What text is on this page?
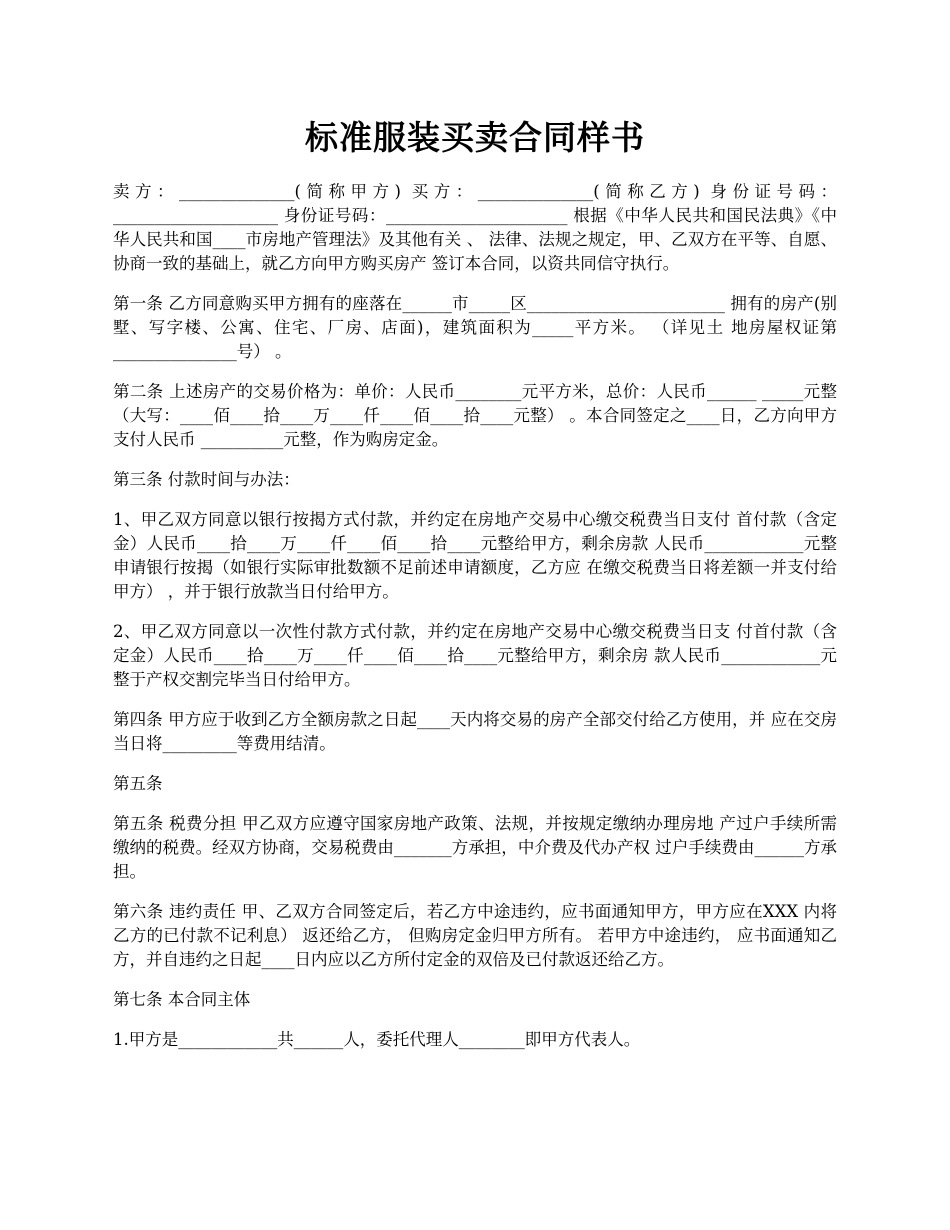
标准服装买卖合同样书

卖方：______________(简称甲方) 买方：______________(简称乙方) 身份证号码：____________________ 身份证号码：______________________ 根据《中华人民共和国民法典》《中华人民共和国____市房地产管理法》及其他有关 、 法律、法规之规定，甲、乙双方在平等、自愿、协商一致的基础上，就乙方向甲方购买房产 签订本合同，以资共同信守执行。

第一条 乙方同意购买甲方拥有的座落在______市_____区________________________ 拥有的房产(别墅、写字楼、公寓、住宅、厂房、店面)，建筑面积为_____平方米。 （详见土 地房屋权证第_______________号） 。

第二条 上述房产的交易价格为：单价：人民币________元平方米，总价：人民币______ _____元整（大写：____佰____拾____万____仟____佰____拾____元整） 。本合同签定之____日，乙方向甲方支付人民币 __________元整，作为购房定金。

第三条 付款时间与办法：

1、甲乙双方同意以银行按揭方式付款，并约定在房地产交易中心缴交税费当日支付 首付款（含定金）人民币____拾____万____仟____佰____拾____元整给甲方，剩余房款 人民币____________元整申请银行按揭（如银行实际审批数额不足前述申请额度，乙方应 在缴交税费当日将差额一并支付给甲方） ，并于银行放款当日付给甲方。

2、甲乙双方同意以一次性付款方式付款，并约定在房地产交易中心缴交税费当日支 付首付款（含定金）人民币____拾____万____仟____佰____拾____元整给甲方，剩余房 款人民币____________元整于产权交割完毕当日付给甲方。

第四条 甲方应于收到乙方全额房款之日起____天内将交易的房产全部交付给乙方使用，并 应在交房当日将_________等费用结清。

第五条

第五条 税费分担 甲乙双方应遵守国家房地产政策、法规，并按规定缴纳办理房地 产过户手续所需缴纳的税费。经双方协商，交易税费由_______方承担，中介费及代办产权 过户手续费由______方承担。

第六条 违约责任 甲、乙双方合同签定后，若乙方中途违约，应书面通知甲方，甲方应在XXX 内将乙方的已付款不记利息） 返还给乙方， 但购房定金归甲方所有。 若甲方中途违约， 应书面通知乙方，并自违约之日起____日内应以乙方所付定金的双倍及已付款返还给乙方。

第七条 本合同主体

1.甲方是____________共______人，委托代理人________即甲方代表人。
